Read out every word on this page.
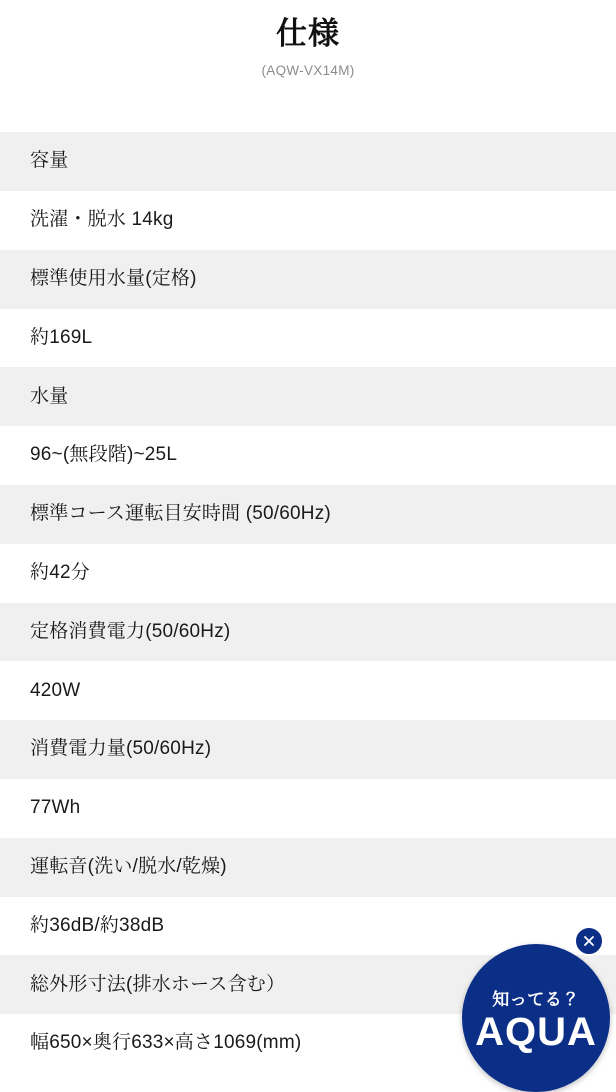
仕様
(AQW-VX14M)
容量
洗濯・脱水 14kg
標準使用水量(定格)
約169L
水量
96~(無段階)~25L
標準コース運転目安時間 (50/60Hz)
約42分
定格消費電力(50/60Hz)
420W
消費電力量(50/60Hz)
77Wh
運転音(洗い/脱水/乾燥)
約36dB/約38dB
総外形寸法(排水ホース含む）
幅650×奥行633×高さ1069(mm)
知ってる？
AQUA
